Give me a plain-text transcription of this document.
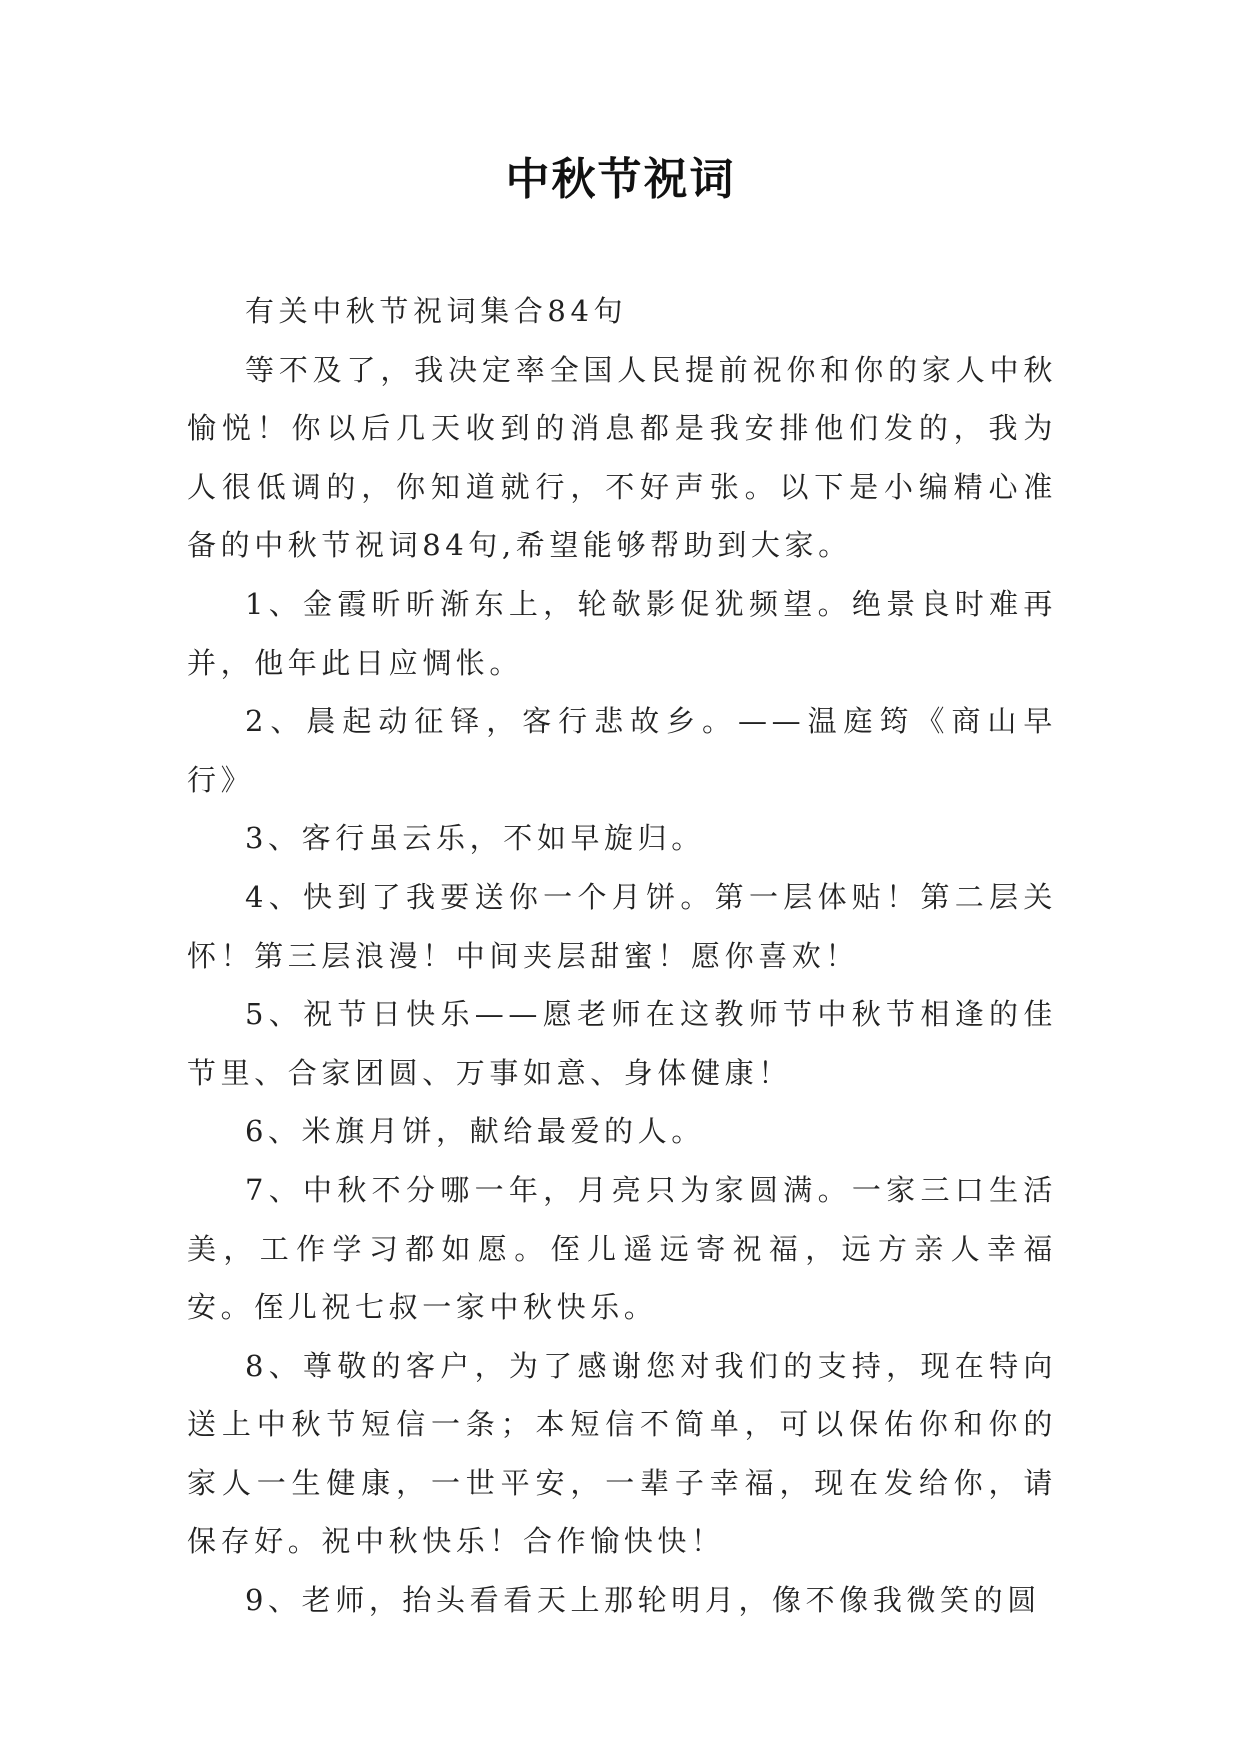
中秋节祝词

有关中秋节祝词集合84句

等不及了，我决定率全国人民提前祝你和你的家人中秋愉悦！你以后几天收到的消息都是我安排他们发的，我为人很低调的，你知道就行，不好声张。以下是小编精心准备的中秋节祝词84句,希望能够帮助到大家。

1、金霞昕昕渐东上，轮欹影促犹频望。绝景良时难再并，他年此日应惆怅。

2、晨起动征铎，客行悲故乡。——温庭筠《商山早行》

3、客行虽云乐，不如早旋归。

4、快到了我要送你一个月饼。第一层体贴！第二层关怀！第三层浪漫！中间夹层甜蜜！愿你喜欢！

5、祝节日快乐——愿老师在这教师节中秋节相逢的佳节里、合家团圆、万事如意、身体健康！

6、米旗月饼，献给最爱的人。

7、中秋不分哪一年，月亮只为家圆满。一家三口生活美，工作学习都如愿。侄儿遥远寄祝福，远方亲人幸福安。侄儿祝七叔一家中秋快乐。

8、尊敬的客户，为了感谢您对我们的支持，现在特向送上中秋节短信一条；本短信不简单，可以保佑你和你的家人一生健康，一世平安，一辈子幸福，现在发给你，请保存好。祝中秋快乐！合作愉快快！

9、老师，抬头看看天上那轮明月，像不像我微笑的圆
